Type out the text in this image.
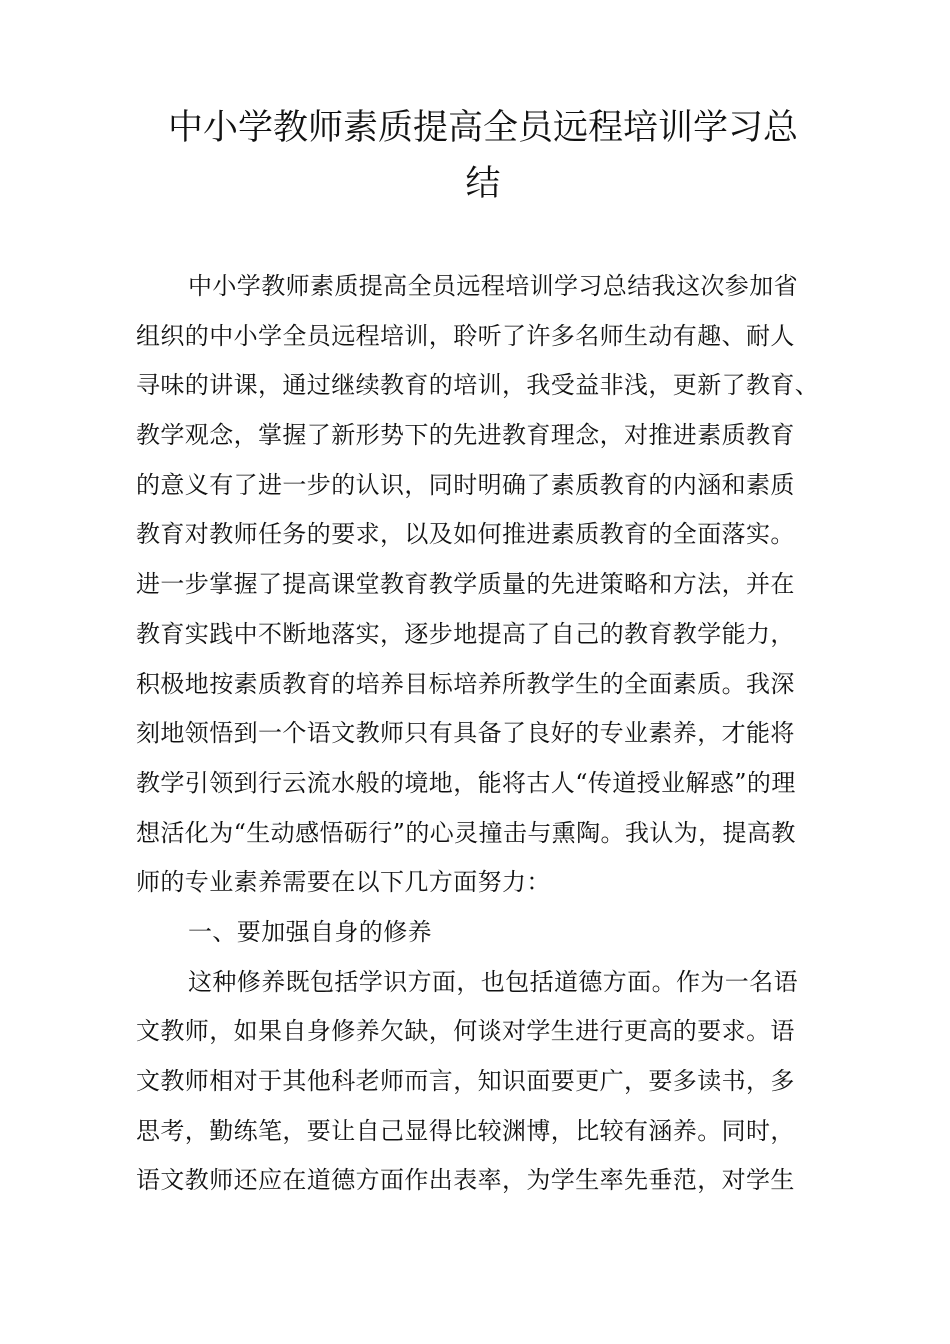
中小学教师素质提高全员远程培训学习总
结
中小学教师素质提高全员远程培训学习总结我这次参加省
组织的中小学全员远程培训，聆听了许多名师生动有趣、耐人
寻味的讲课，通过继续教育的培训，我受益非浅，更新了教育、
教学观念，掌握了新形势下的先进教育理念，对推进素质教育
的意义有了进一步的认识，同时明确了素质教育的内涵和素质
教育对教师任务的要求，以及如何推进素质教育的全面落实。
进一步掌握了提高课堂教育教学质量的先进策略和方法，并在
教育实践中不断地落实，逐步地提高了自己的教育教学能力，
积极地按素质教育的培养目标培养所教学生的全面素质。我深
刻地领悟到一个语文教师只有具备了良好的专业素养，才能将
教学引领到行云流水般的境地，能将古人“传道授业解惑”的理
想活化为“生动感悟砺行”的心灵撞击与熏陶。我认为，提高教
师的专业素养需要在以下几方面努力：
一、要加强自身的修养
这种修养既包括学识方面，也包括道德方面。作为一名语
文教师，如果自身修养欠缺，何谈对学生进行更高的要求。语
文教师相对于其他科老师而言，知识面要更广，要多读书，多
思考，勤练笔，要让自己显得比较渊博，比较有涵养。同时，
语文教师还应在道德方面作出表率，为学生率先垂范，对学生
